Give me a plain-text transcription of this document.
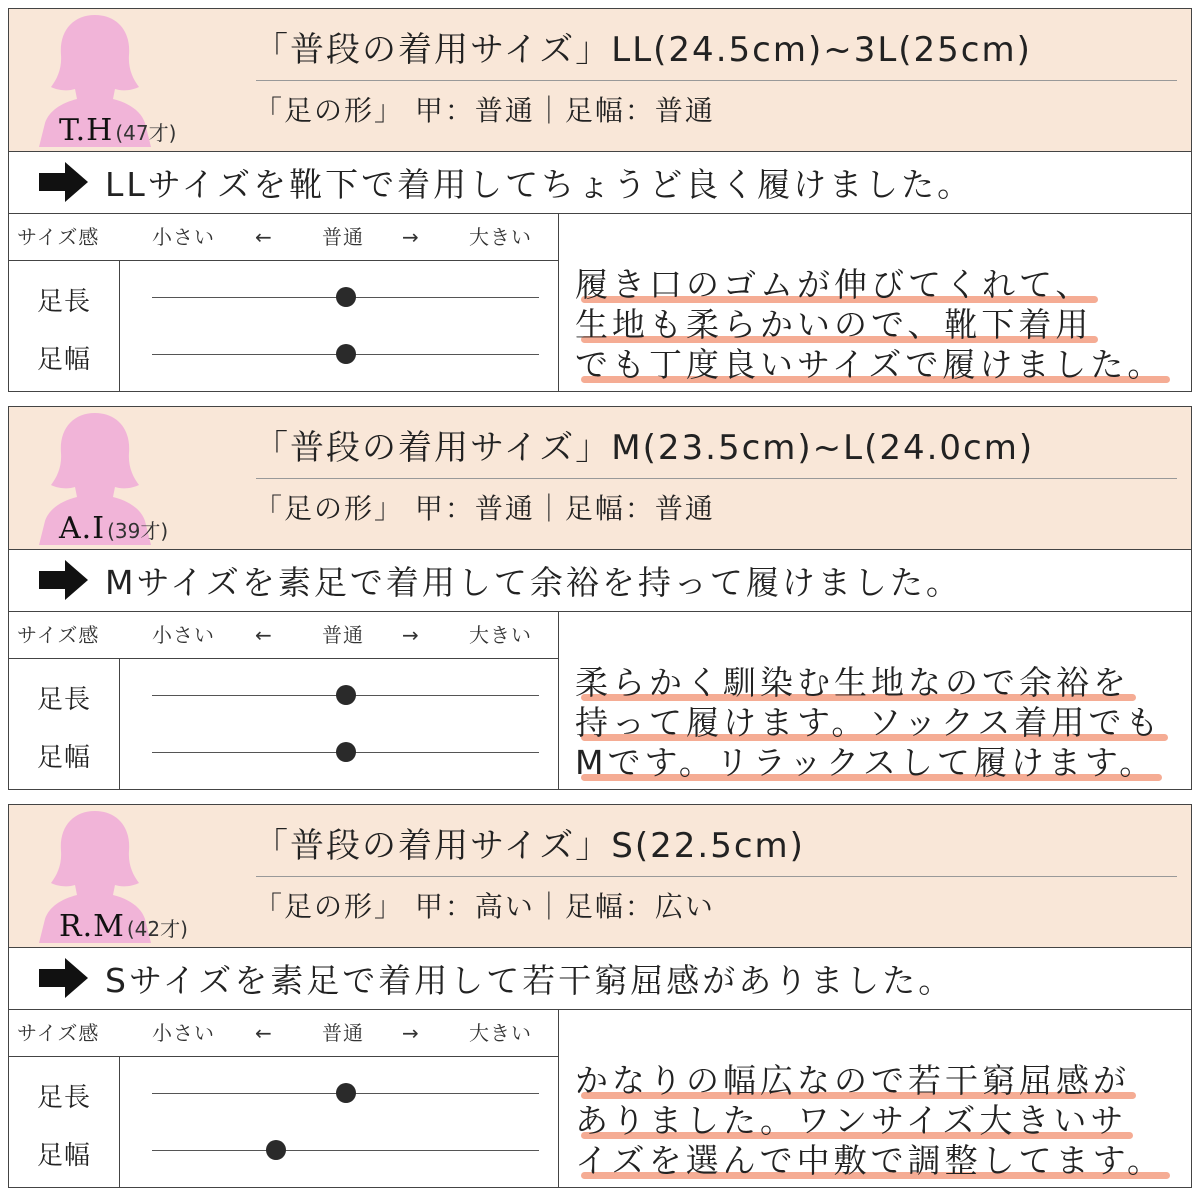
T.H (47才)
「普段の着用サイズ」LL(24.5cm)~3L(25cm)
「足の形」 甲：普通｜足幅：普通
LLサイズを靴下で着用してちょうど良く履けました。
サイズ感	小さい ← 普通 → 大きい
足長
足幅
履き口のゴムが伸びてくれて、
生地も柔らかいので、靴下着用
でも丁度良いサイズで履けました。
A.I (39才)
「普段の着用サイズ」M(23.5cm)~L(24.0cm)
「足の形」 甲：普通｜足幅：普通
Mサイズを素足で着用して余裕を持って履けました。
サイズ感	小さい ← 普通 → 大きい
足長
足幅
柔らかく馴染む生地なので余裕を
持って履けます。ソックス着用でも
Mです。リラックスして履けます。
R.M (42才)
「普段の着用サイズ」S(22.5cm)
「足の形」 甲：高い｜足幅：広い
Sサイズを素足で着用して若干窮屈感がありました。
サイズ感	小さい ← 普通 → 大きい
足長
足幅
かなりの幅広なので若干窮屈感が
ありました。ワンサイズ大きいサ
イズを選んで中敷で調整してます。
